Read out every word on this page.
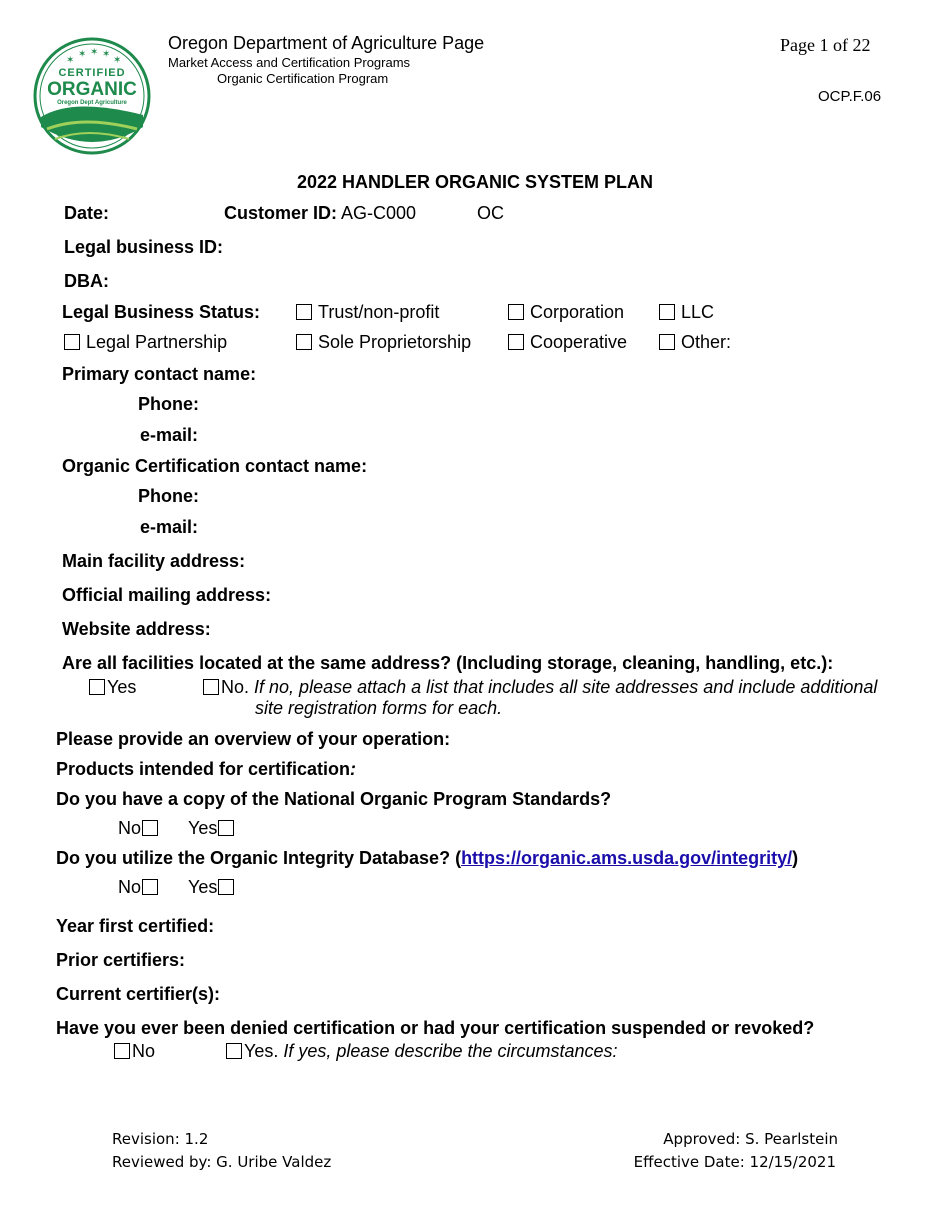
✶
✶ ✶ ✶
✶
CERTIFIED
ORGANIC
Oregon Dept Agriculture
Oregon Department of Agriculture Page
Market Access and Certification Programs
Organic Certification Program
Page 1 of 22
OCP.F.06
2022 HANDLER ORGANIC SYSTEM PLAN
Date:	Customer ID: AG-C000	OC
Legal business ID:
DBA:
Legal Business Status:	Trust/non-profit	Corporation	LLC
Legal Partnership	Sole Proprietorship	Cooperative	Other:
Primary contact name:
Phone:
e-mail:
Organic Certification contact name:
Phone:
e-mail:
Main facility address:
Official mailing address:
Website address:
Are all facilities located at the same address? (Including storage, cleaning, handling, etc.):
Yes	No. If no, please attach a list that includes all site addresses and include additional
site registration forms for each.
Please provide an overview of your operation:
Products intended for certification:
Do you have a copy of the National Organic Program Standards?
No	Yes
Do you utilize the Organic Integrity Database? (https://organic.ams.usda.gov/integrity/)
No	Yes
Year first certified:
Prior certifiers:
Current certifier(s):
Have you ever been denied certification or had your certification suspended or revoked?
No	Yes. If yes, please describe the circumstances:
Revision: 1.2
Reviewed by: G. Uribe Valdez
Approved: S. Pearlstein
Effective Date: 12/15/2021
